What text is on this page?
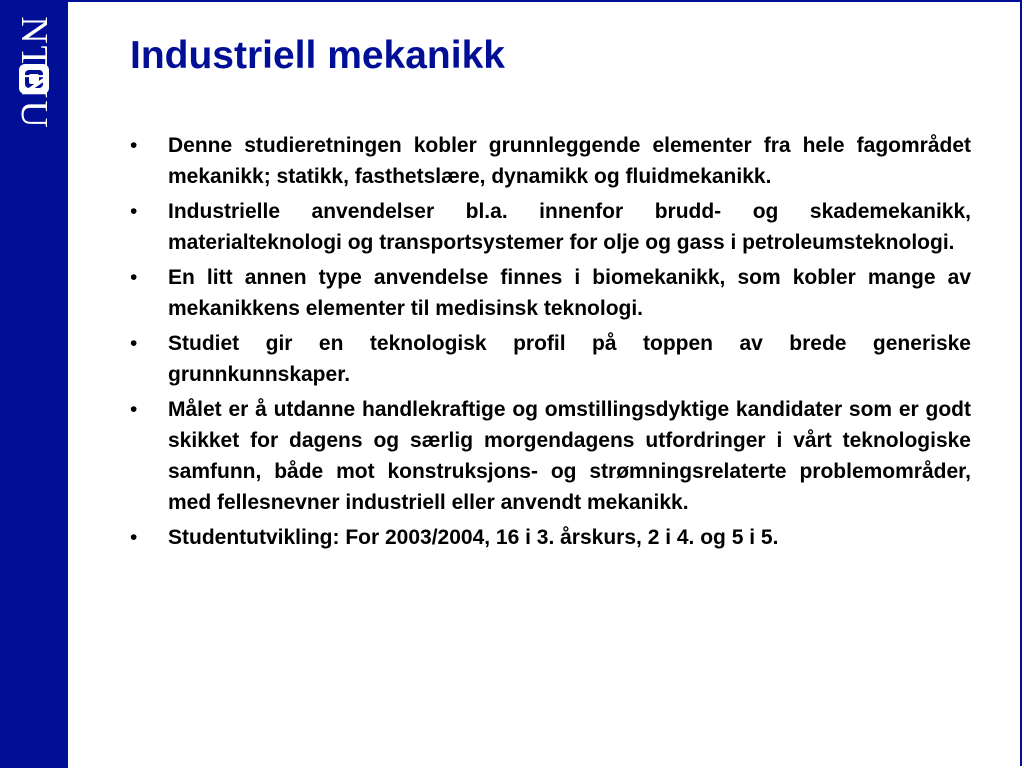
NTNU Industriell mekanikk
• Denne studieretningen kobler grunnleggende elementer fra hele fagområdet mekanikk; statikk, fasthetslære, dynamikk og fluidmekanikk.
• Industrielle anvendelser bl.a. innenfor brudd- og skademekanikk, materialteknologi og transportsystemer for olje og gass i petroleumsteknologi.
• En litt annen type anvendelse finnes i biomekanikk, som kobler mange av mekanikkens elementer til medisinsk teknologi.
• Studiet gir en teknologisk profil på toppen av brede generiske grunnkunnskaper.
• Målet er å utdanne handlekraftige og omstillingsdyktige kandidater som er godt skikket for dagens og særlig morgendagens utfordringer i vårt teknologiske samfunn, både mot konstruksjons- og strømningsrelaterte problemområder, med fellesnevner industriell eller anvendt mekanikk.
• Studentutvikling: For 2003/2004, 16 i 3. årskurs, 2 i 4. og 5 i 5.
